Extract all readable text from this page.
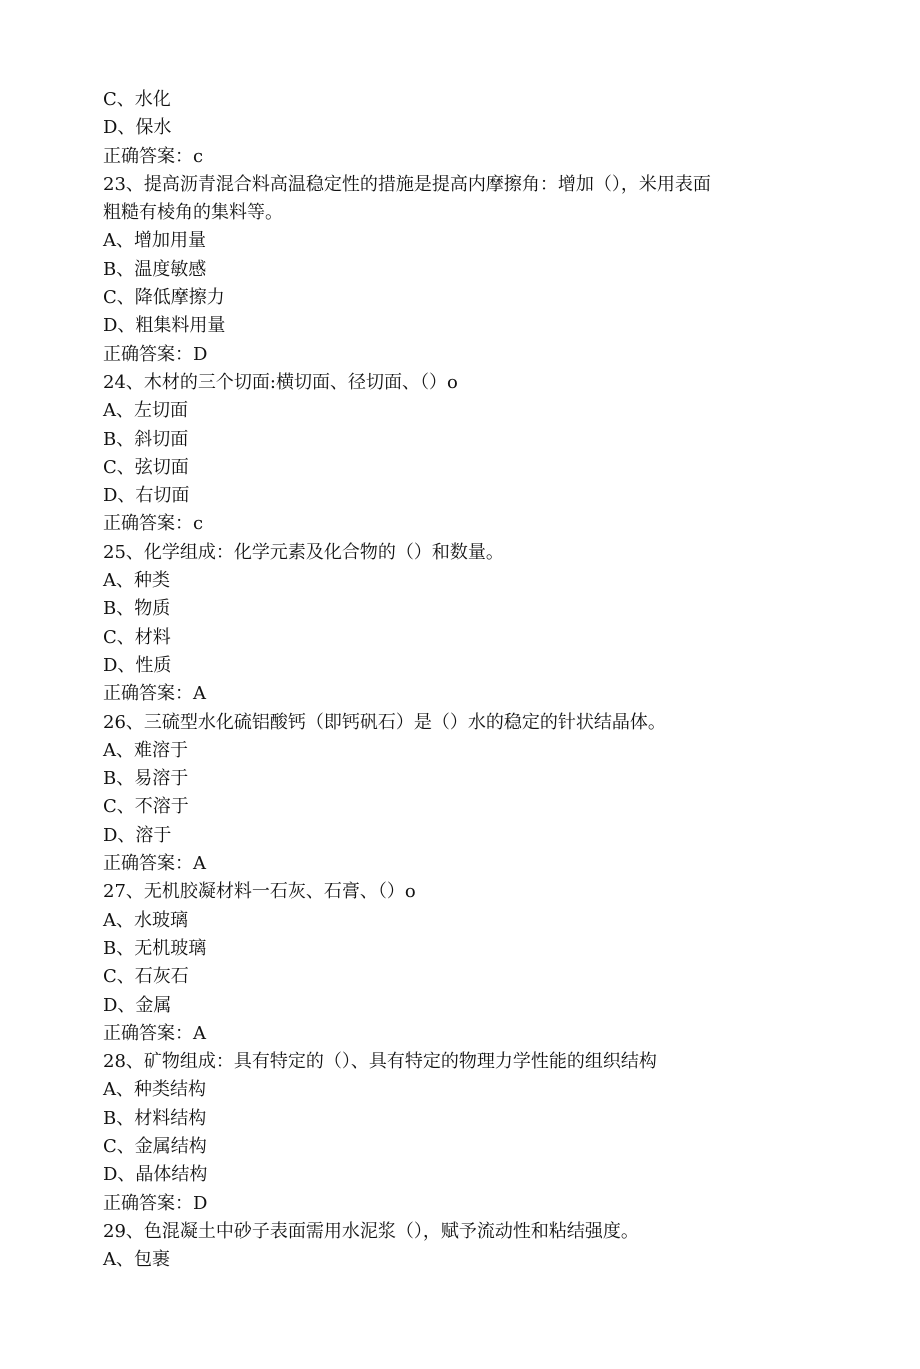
C、水化
D、保水
正确答案：c
23、提高沥青混合料高温稳定性的措施是提高内摩擦角：增加（），米用表面
粗糙有棱角的集料等。
A、增加用量
B、温度敏感
C、降低摩擦力
D、粗集料用量
正确答案：D
24、木材的三个切面:横切面、径切面、（）o
A、左切面
B、斜切面
C、弦切面
D、右切面
正确答案：c
25、化学组成：化学元素及化合物的（）和数量。
A、种类
B、物质
C、材料
D、性质
正确答案：A
26、三硫型水化硫铝酸钙（即钙矾石）是（）水的稳定的针状结晶体。
A、难溶于
B、易溶于
C、不溶于
D、溶于
正确答案：A
27、无机胶凝材料一石灰、石膏、（）o
A、水玻璃
B、无机玻璃
C、石灰石
D、金属
正确答案：A
28、矿物组成：具有特定的（）、具有特定的物理力学性能的组织结构
A、种类结构
B、材料结构
C、金属结构
D、晶体结构
正确答案：D
29、色混凝土中砂子表面需用水泥浆（），赋予流动性和粘结强度。
A、包裹
